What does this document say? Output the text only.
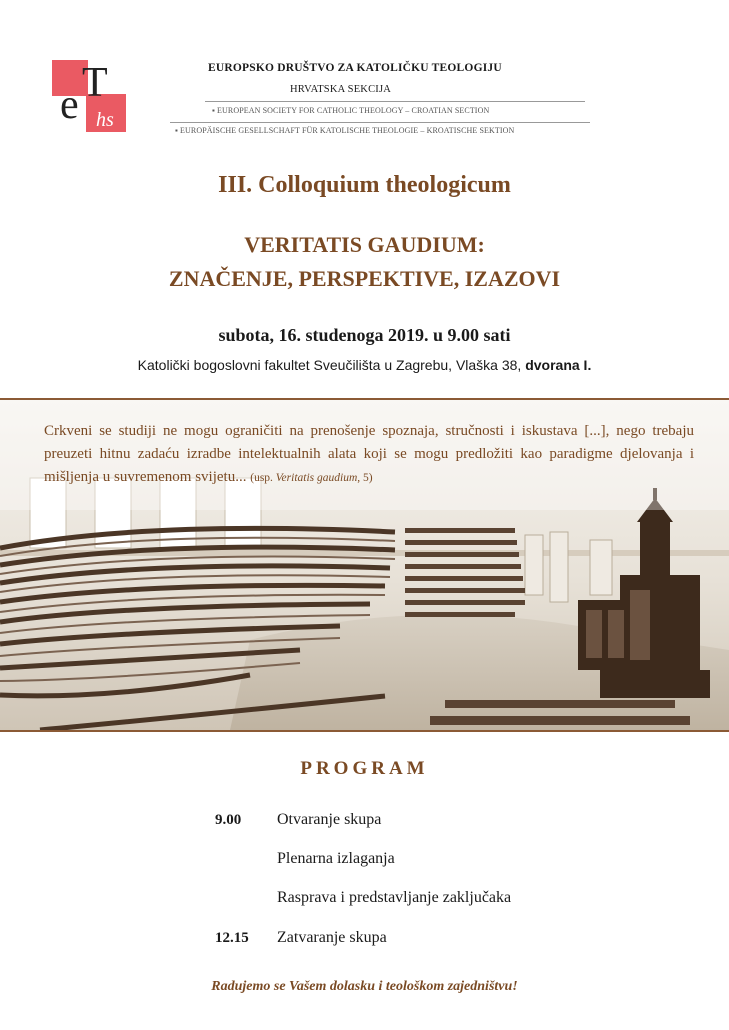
e T
hs
EUROPSKO DRUŠTVO ZA KATOLIČKU TEOLOGIJU
HRVATSKA SEKCIJA
▪ EUROPEAN SOCIETY FOR CATHOLIC THEOLOGY – CROATIAN SECTION
▪ EUROPÄISCHE GESELLSCHAFT FÜR KATOLISCHE THEOLOGIE – KROATISCHE SEKTION
III. Colloquium theologicum
VERITATIS GAUDIUM:
ZNAČENJE, PERSPEKTIVE, IZAZOVI
subota, 16. studenoga 2019. u 9.00 sati
Katolički bogoslovni fakultet Sveučilišta u Zagrebu, Vlaška 38, dvorana I.
Crkveni se studiji ne mogu ograničiti na prenošenje spoznaja, stručnosti i iskustava [...], nego trebaju preuzeti hitnu zadaću izradbe intelektualnih alata koji se mogu predložiti kao paradigme djelovanja i mišljenja u suvremenom svijetu... (usp. Veritatis gaudium, 5)
PROGRAM
9.00 Otvaranje skupa
Plenarna izlaganja
Rasprava i predstavljanje zaključaka
12.15 Zatvaranje skupa
Radujemo se Vašem dolasku i teološkom zajedništvu!
